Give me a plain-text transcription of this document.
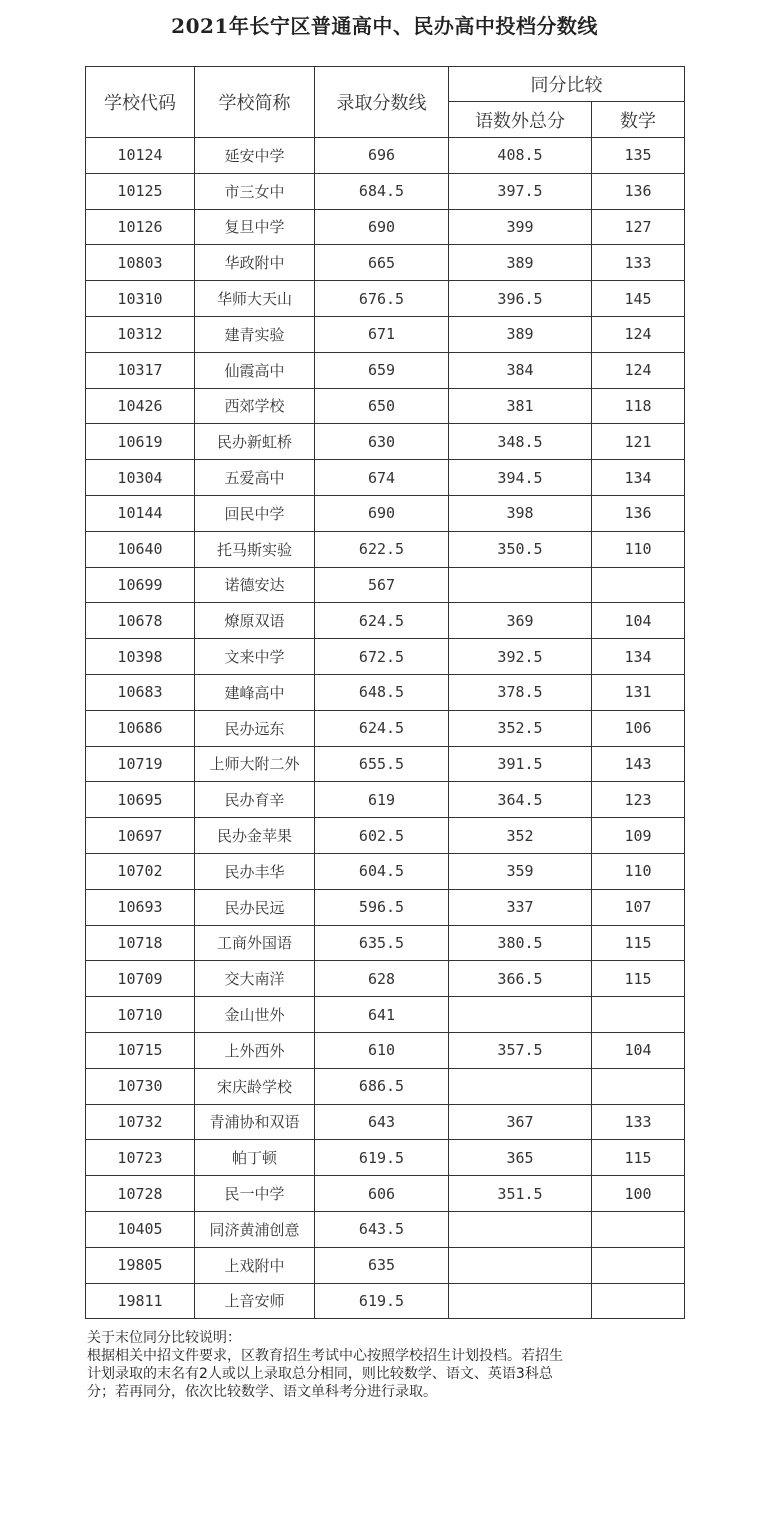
2021年长宁区普通高中、民办高中投档分数线
学校代码	学校简称	录取分数线	同分比较	
			语数外总分	数学
10124	延安中学	696	408.5	135
10125	市三女中	684.5	397.5	136
10126	复旦中学	690	399	127
10803	华政附中	665	389	133
10310	华师大天山	676.5	396.5	145
10312	建青实验	671	389	124
10317	仙霞高中	659	384	124
10426	西郊学校	650	381	118
10619	民办新虹桥	630	348.5	121
10304	五爱高中	674	394.5	134
10144	回民中学	690	398	136
10640	托马斯实验	622.5	350.5	110
10699	诺德安达	567		
10678	燎原双语	624.5	369	104
10398	文来中学	672.5	392.5	134
10683	建峰高中	648.5	378.5	131
10686	民办远东	624.5	352.5	106
10719	上师大附二外	655.5	391.5	143
10695	民办育辛	619	364.5	123
10697	民办金苹果	602.5	352	109
10702	民办丰华	604.5	359	110
10693	民办民远	596.5	337	107
10718	工商外国语	635.5	380.5	115
10709	交大南洋	628	366.5	115
10710	金山世外	641		
10715	上外西外	610	357.5	104
10730	宋庆龄学校	686.5		
10732	青浦协和双语	643	367	133
10723	帕丁顿	619.5	365	115
10728	民一中学	606	351.5	100
10405	同济黄浦创意	643.5		
19805	上戏附中	635		
19811	上音安师	619.5		
关于末位同分比较说明：
根据相关中招文件要求，区教育招生考试中心按照学校招生计划投档。若招生
计划录取的末名有2人或以上录取总分相同，则比较数学、语文、英语3科总
分；若再同分，依次比较数学、语文单科考分进行录取。
